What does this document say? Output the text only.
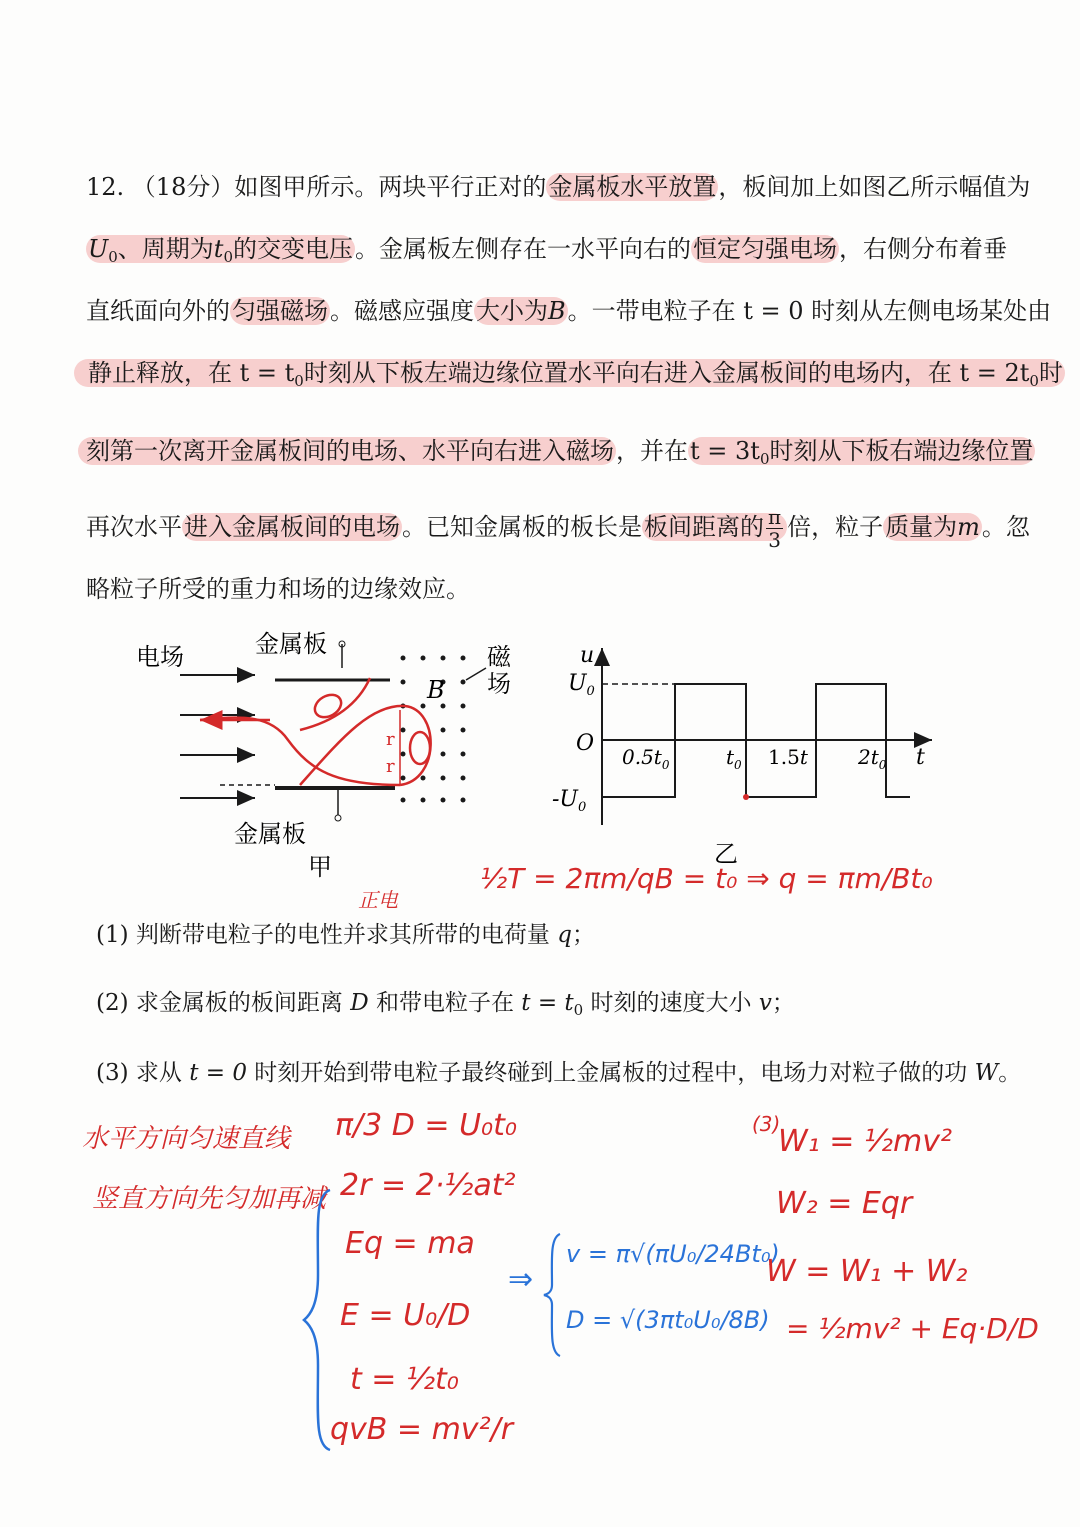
12. （18分）如图甲所示。两块平行正对的金属板水平放置，板间加上如图乙所示幅值为
$U_0$、周期为$t_0$的交变电压。金属板左侧存在一水平向右的恒定匀强电场，右侧分布着垂
直纸面向外的匀强磁场。磁感应强度大小为B。一带电粒子在 t = 0 时刻从左侧电场某处由
静止释放，在 $t = t_0$时刻从下板左端边缘位置水平向右进入金属板间的电场内，在 $t = 2t_0$时
刻第一次离开金属板间的电场、水平向右进入磁场，并在$t = 3t_0$时刻从下板右端边缘位置
再次水平进入金属板间的电场。已知金属板的板长是板间距离的 $\frac{\pi}{3}$ 倍，粒子质量为m。忽
略粒子所受的重力和场的边缘效应。
电场	金属板
金属板
甲
B
磁
场
r
r
u
$U_0$
O
$-U_0$
t
$0.5t_0$	$t_0$ 1.5t	$2t_0$
乙
正电
½T = 2πm/qB = t₀ ⇒ q = πm/Bt₀
(1) 判断带电粒子的电性并求其所带的电荷量 q；
(2) 求金属板的板间距离 D 和带电粒子在 $t = t_0$ 时刻的速度大小 v；
(3) 求从 t = 0 时刻开始到带电粒子最终碰到上金属板的过程中，电场力对粒子做的功 W。
水平方向匀速直线
竖直方向先匀加再减
π/3 D = U₀t₀
2r = 2·½at²
Eq = ma
E = U₀/D
t = ½t₀
qvB = mv²/r
⇒
v = π√(πU₀/24Bt₀)
D = √(3πt₀U₀/8B)
(3)
W₁ = ½mv²
W₂ = Eqr
W = W₁ + W₂
= ½mv² + Eq·D/D
